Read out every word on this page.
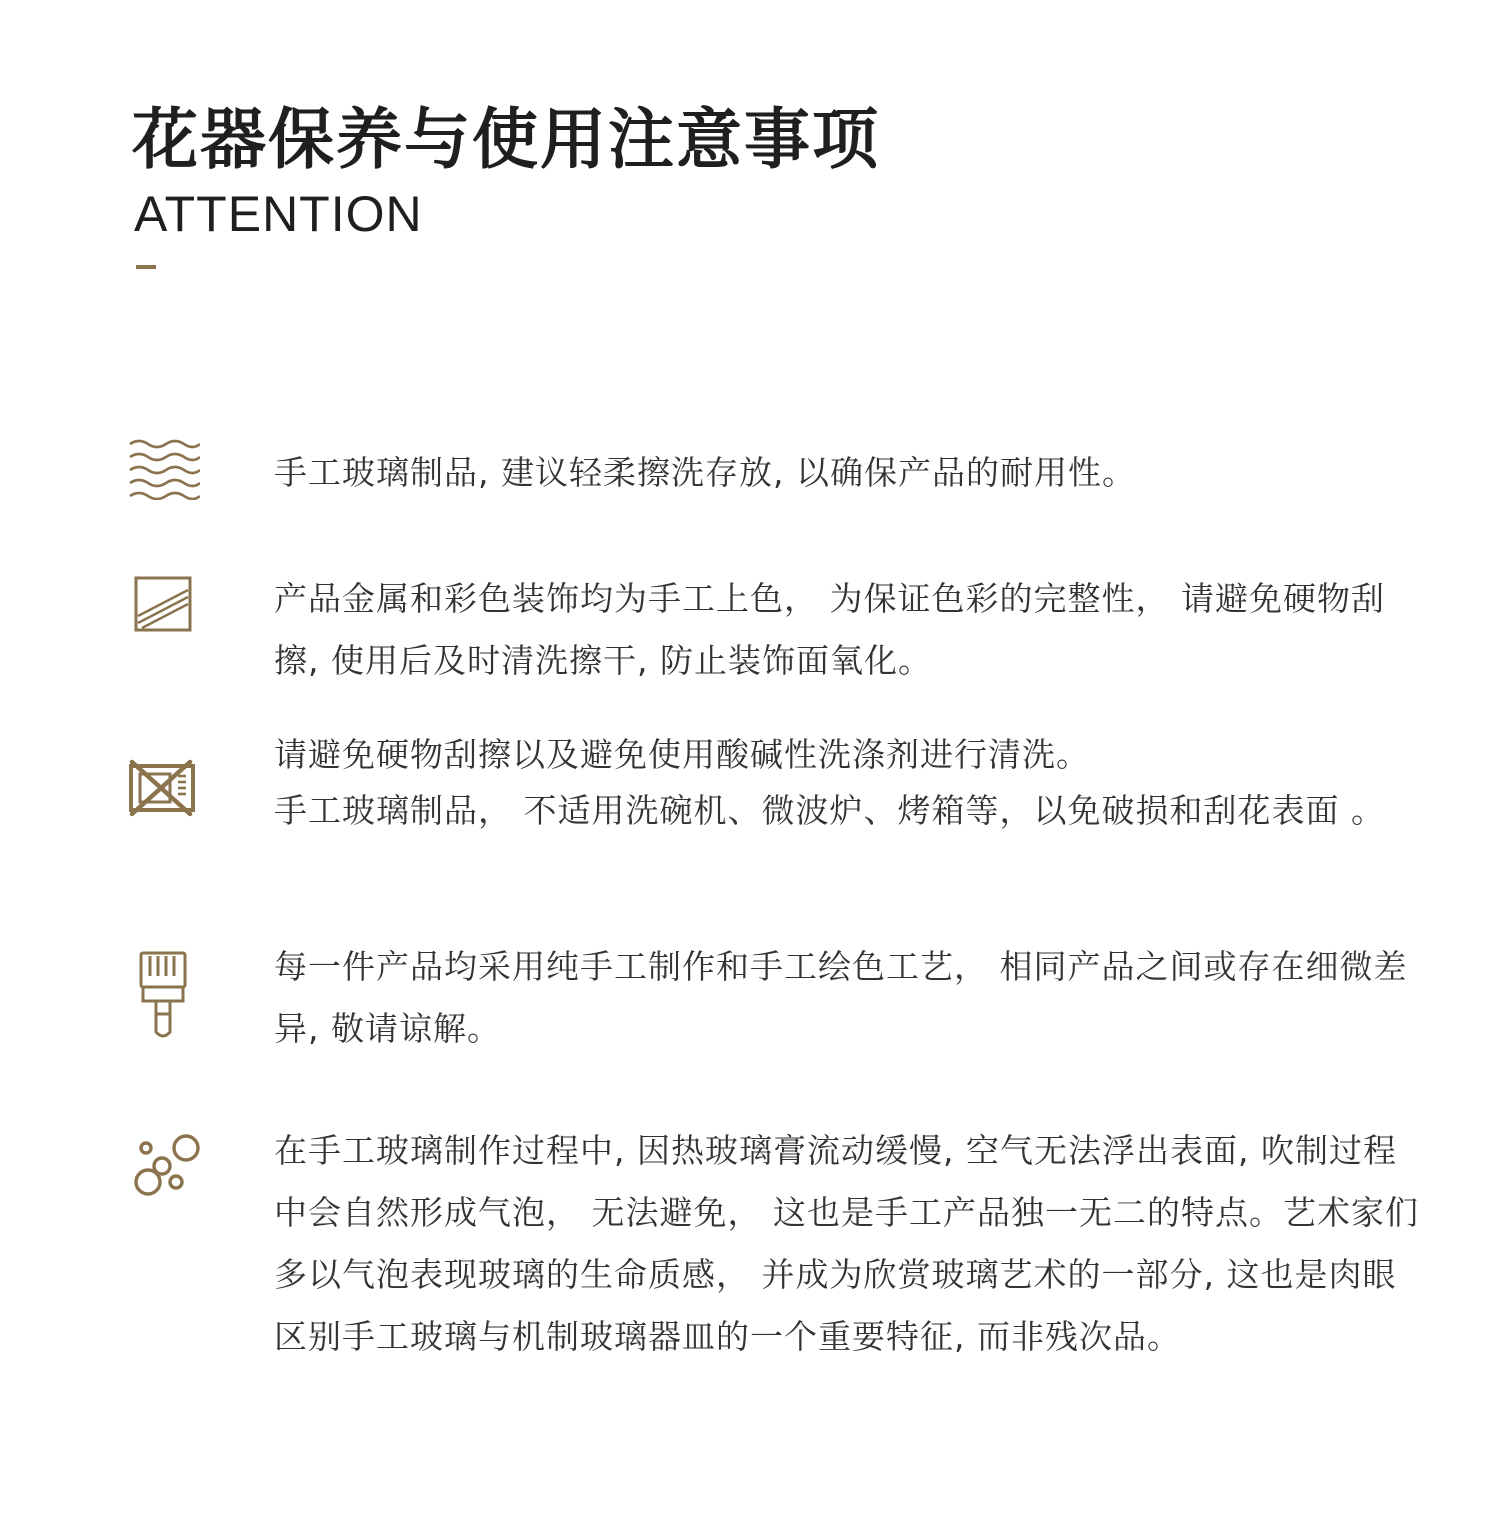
花器保养与使用注意事项
ATTENTION

手工玻璃制品, 建议轻柔擦洗存放, 以确保产品的耐用性。

产品金属和彩色装饰均为手工上色， 为保证色彩的完整性， 请避免硬物刮擦, 使用后及时清洗擦干, 防止装饰面氧化。

请避免硬物刮擦以及避免使用酸碱性洗涤剂进行清洗。

手工玻璃制品， 不适用洗碗机、微波炉、烤箱等，以免破损和刮花表面 。

每一件产品均采用纯手工制作和手工绘色工艺， 相同产品之间或存在细微差异, 敬请谅解。

在手工玻璃制作过程中, 因热玻璃膏流动缓慢, 空气无法浮出表面, 吹制过程中会自然形成气泡， 无法避免， 这也是手工产品独一无二的特点。艺术家们多以气泡表现玻璃的生命质感， 并成为欣赏玻璃艺术的一部分, 这也是肉眼区别手工玻璃与机制玻璃器皿的一个重要特征, 而非残次品。
